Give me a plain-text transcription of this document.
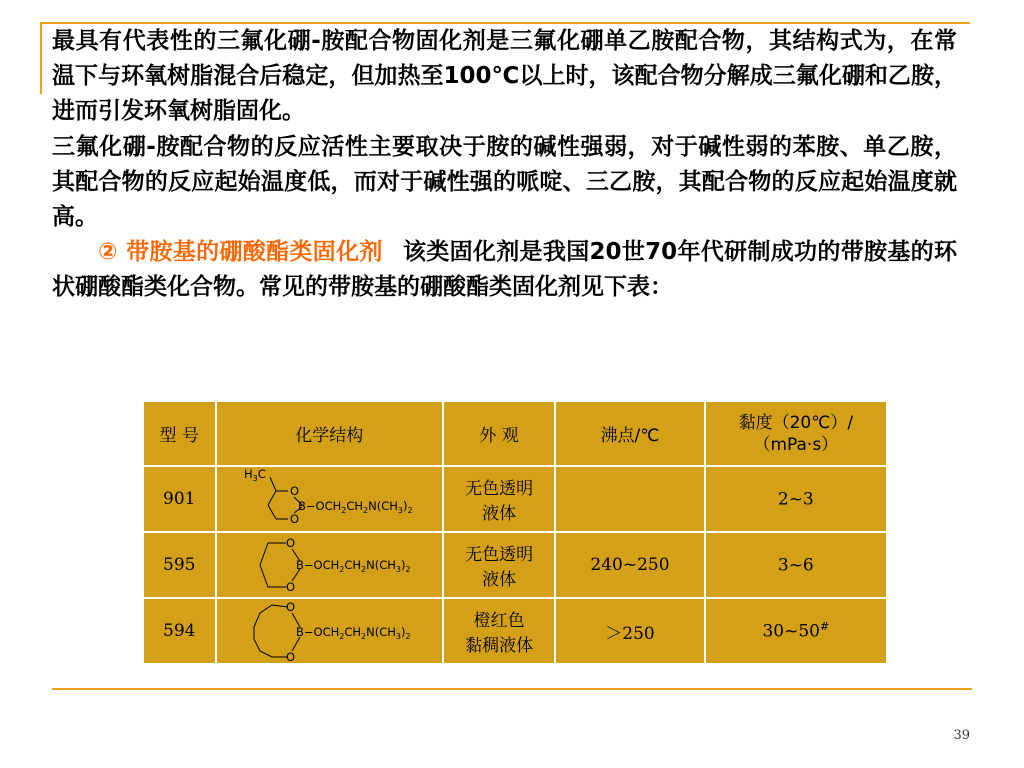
最具有代表性的三氟化硼-胺配合物固化剂是三氟化硼单乙胺配合物，其结构式为，在常温下与环氧树脂混合后稳定，但加热至100℃以上时，该配合物分解成三氟化硼和乙胺，进而引发环氧树脂固化。

三氟化硼-胺配合物的反应活性主要取决于胺的碱性强弱，对于碱性弱的苯胺、单乙胺，其配合物的反应起始温度低，而对于碱性强的哌啶、三乙胺，其配合物的反应起始温度就高。

② 带胺基的硼酸酯类固化剂 该类固化剂是我国20世70年代研制成功的带胺基的环状硼酸酯类化合物。常见的带胺基的硼酸酯类固化剂见下表：

型 号	化学结构	外 观	沸点/℃	黏度（20℃）/
（mPa·s）
901	$H_3C$
O
O
$B-OCH_2CH_2N(CH_3)_2$	无色透明
液体		2~3
595	O
O
$B-OCH_2CH_2N(CH_3)_2$	无色透明
液体	240~250	3~6
594	O
O
$B-OCH_2CH_2N(CH_3)_2$	橙红色
黏稠液体	＞250	30~50#
39
